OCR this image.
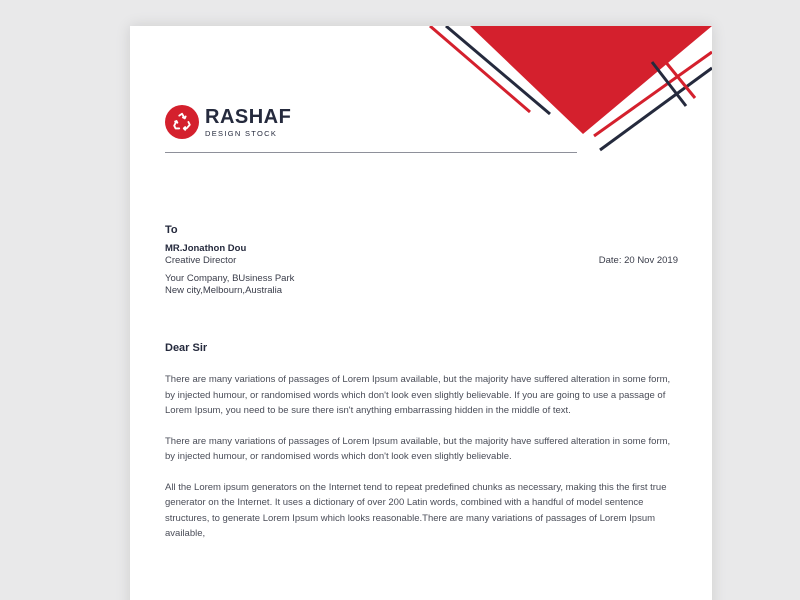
RASHAF
DESIGN STOCK
To
MR.Jonathon Dou
Creative Director
Your Company, BUsiness Park
New city,Melbourn,Australia
Date: 20 Nov 2019
Dear Sir

There are many variations of passages of Lorem Ipsum available, but the majority have suffered alteration in some form, by injected humour, or randomised words which don't look even slightly believable. If you are going to use a passage of Lorem Ipsum, you need to be sure there isn't anything embarrassing hidden in the middle of text.

There are many variations of passages of Lorem Ipsum available, but the majority have suffered alteration in some form, by injected humour, or randomised words which don't look even slightly believable.

All the Lorem ipsum generators on the Internet tend to repeat predefined chunks as necessary, making this the first true generator on the Internet. It uses a dictionary of over 200 Latin words, combined with a handful of model sentence structures, to generate Lorem Ipsum which looks reasonable.There are many variations of passages of Lorem Ipsum available,
